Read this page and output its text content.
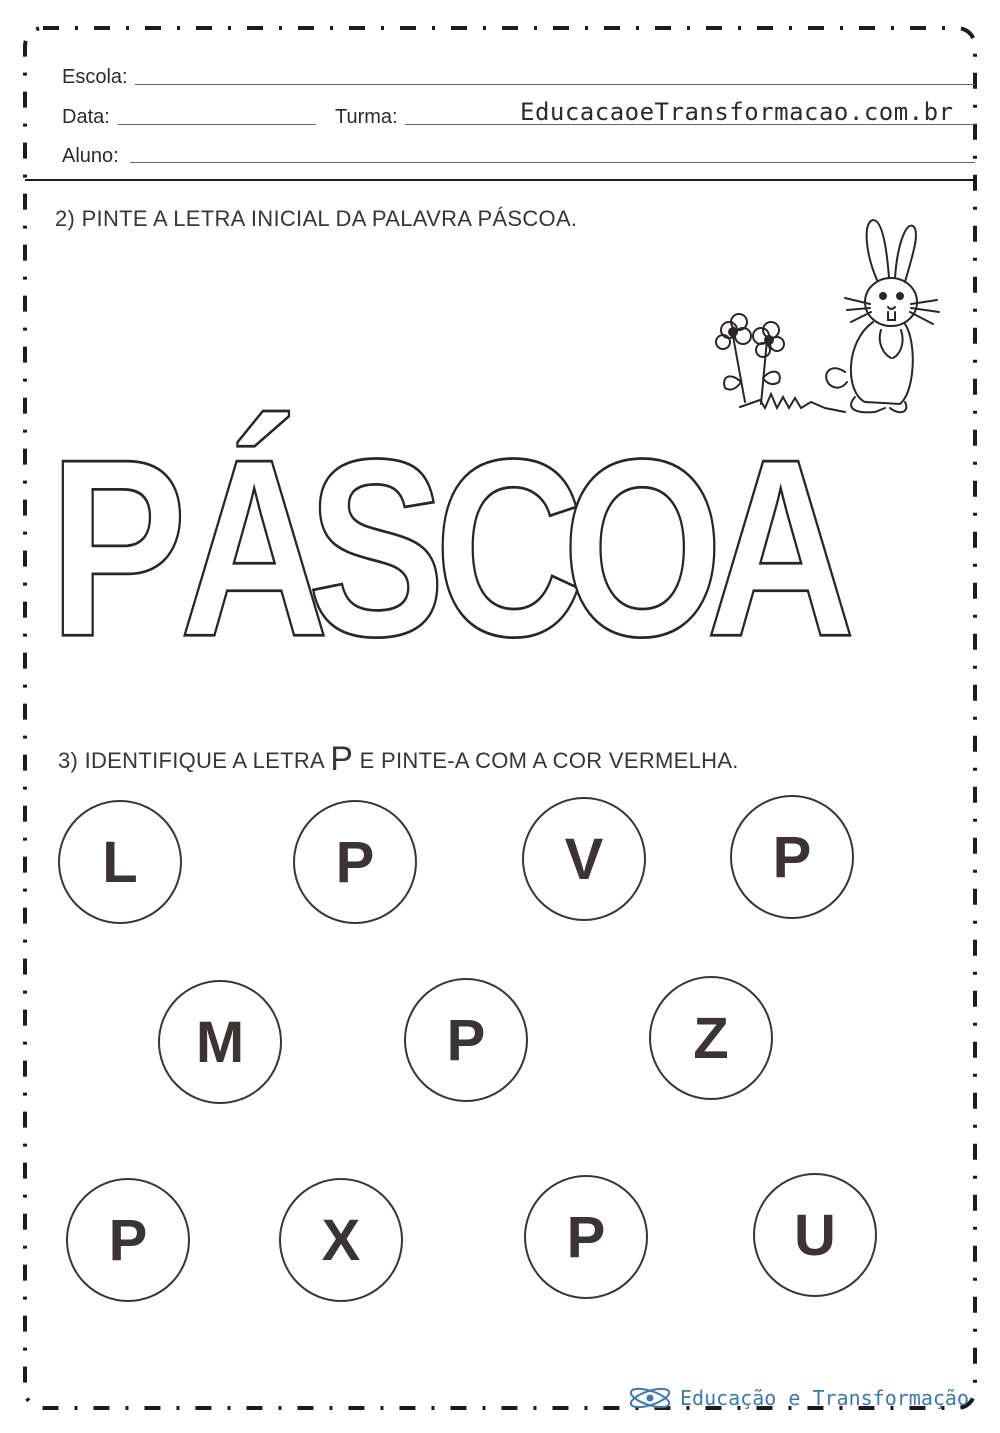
Escola:
Data:	Turma:	EducacaoeTransformacao.com.br
Aluno:
2) PINTE A LETRA INICIAL DA PALAVRA PÁSCOA.
P
Á
S
C
O
A
3) IDENTIFIQUE A LETRA P E PINTE-A COM A COR VERMELHA.
L	P	V	P
M	P	Z
P	X	P	U
Educação e Transformação
